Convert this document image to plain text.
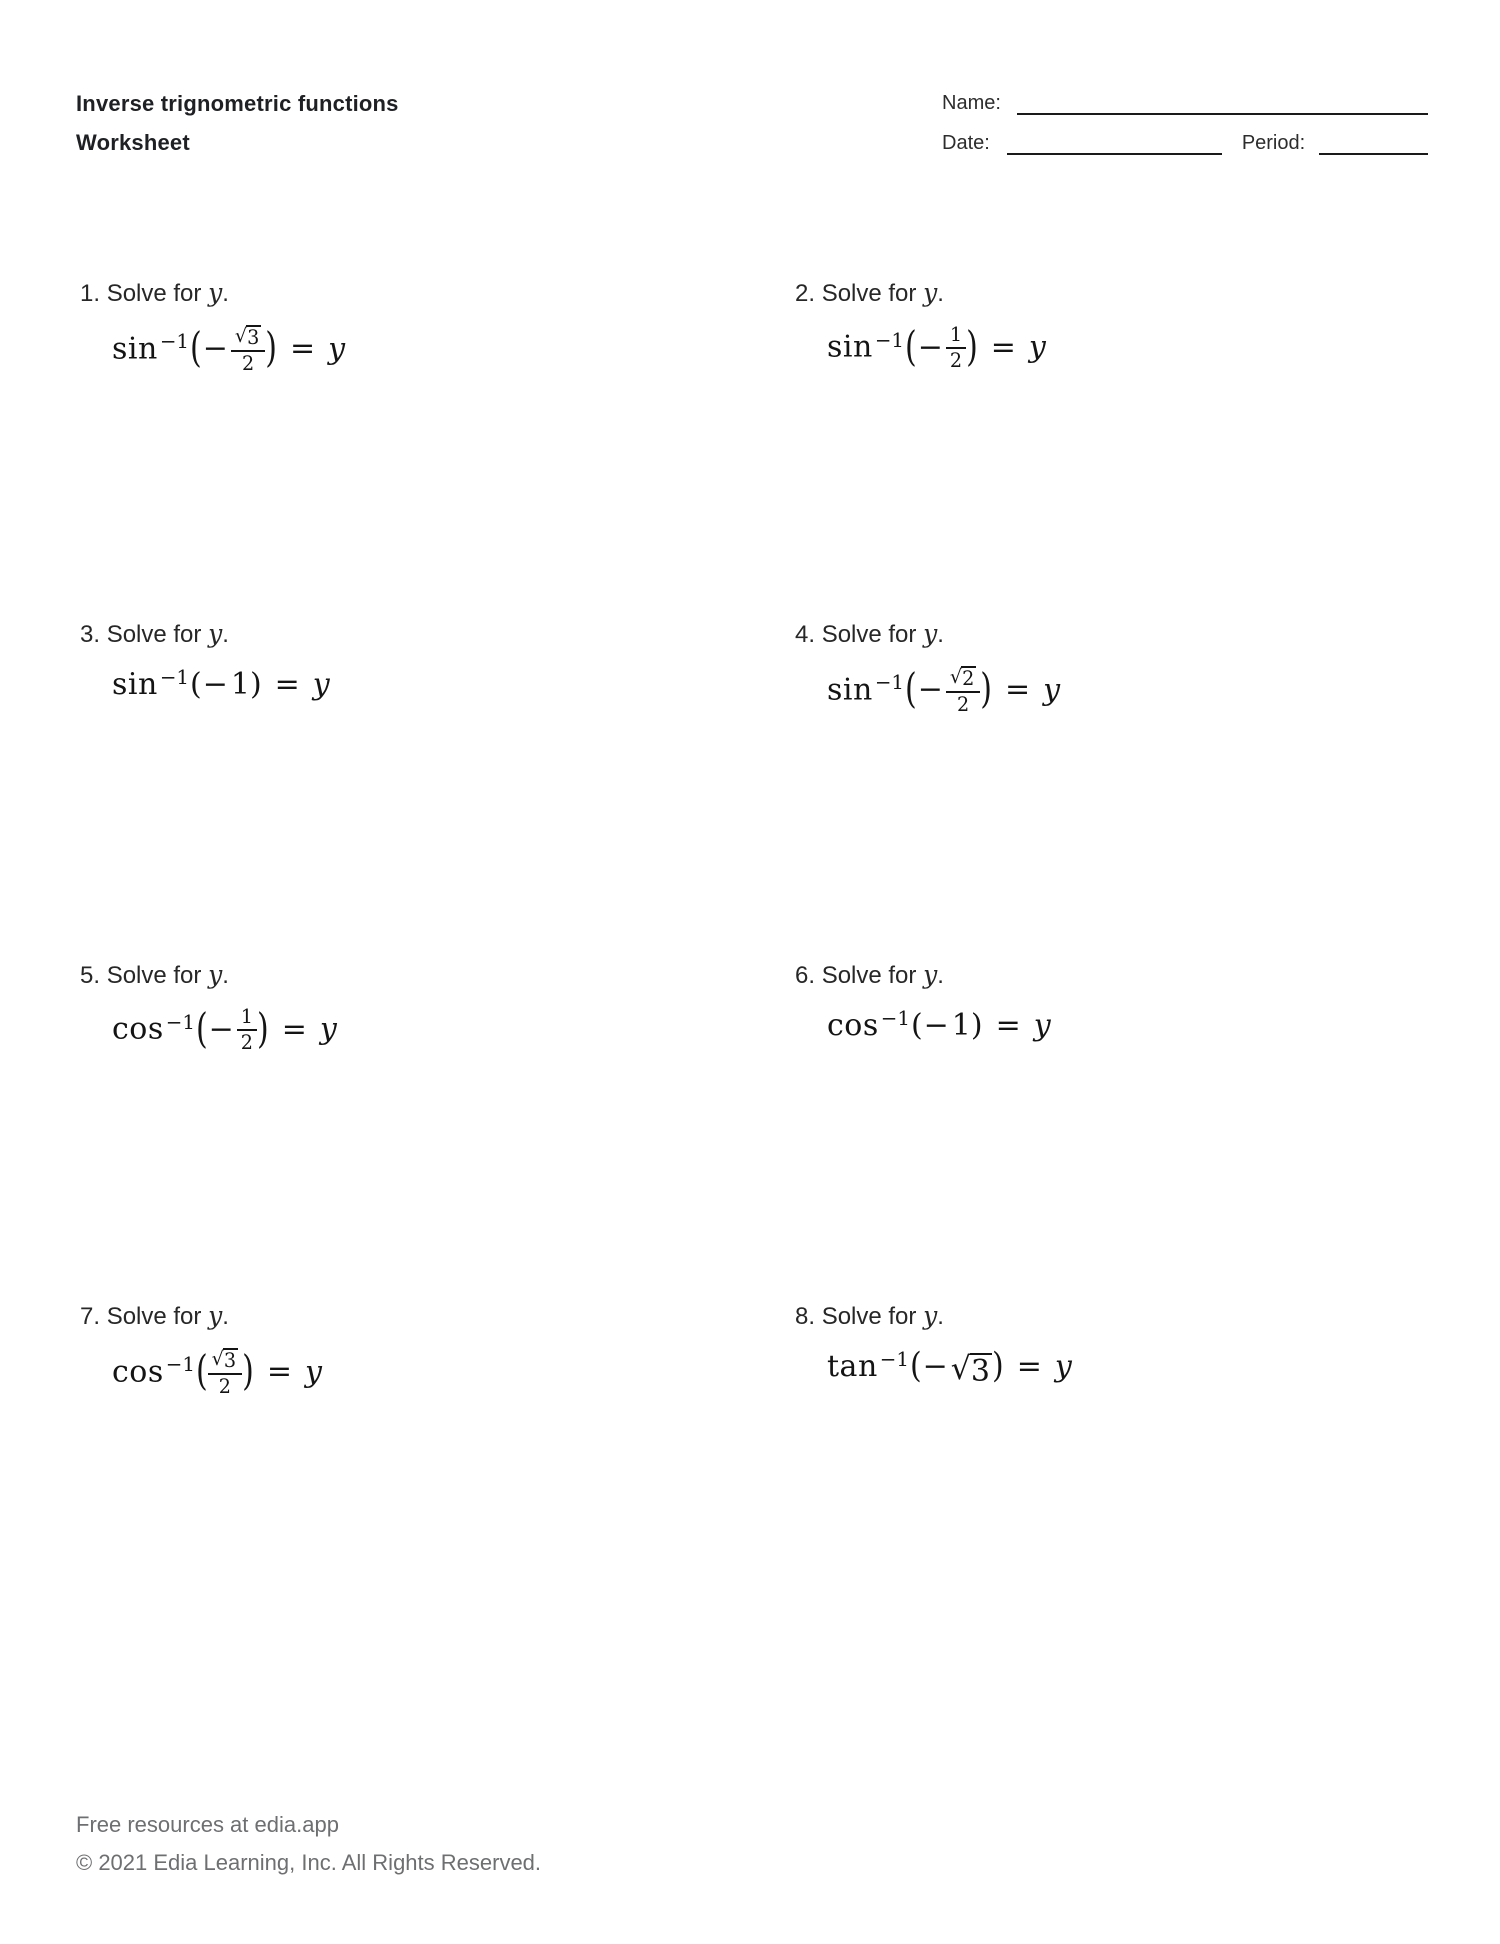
Inverse trignometric functions
Worksheet
Name:
Date:	Period:
1. Solve for y.
$\sin -1(- \frac{√ 3}{2}$ ) = y
2. Solve for y.
$\sin -1(- \frac{1}{2}$ ) = y
3. Solve for y.
sin −1(− 1) = y
4. Solve for y.
$\sin -1(- \frac{√ 2}{2}$ ) = y
5. Solve for y.
$\cos -1(- \frac{1}{2}$ ) = y
6. Solve for y.
cos −1(− 1) = y
7. Solve for y.
$\cos -1( \frac{√ 3}{2}$ ) = y
8. Solve for y.
tan −1(− √ 3 ) = y
Free resources at edia.app
© 2021 Edia Learning, Inc. All Rights Reserved.
